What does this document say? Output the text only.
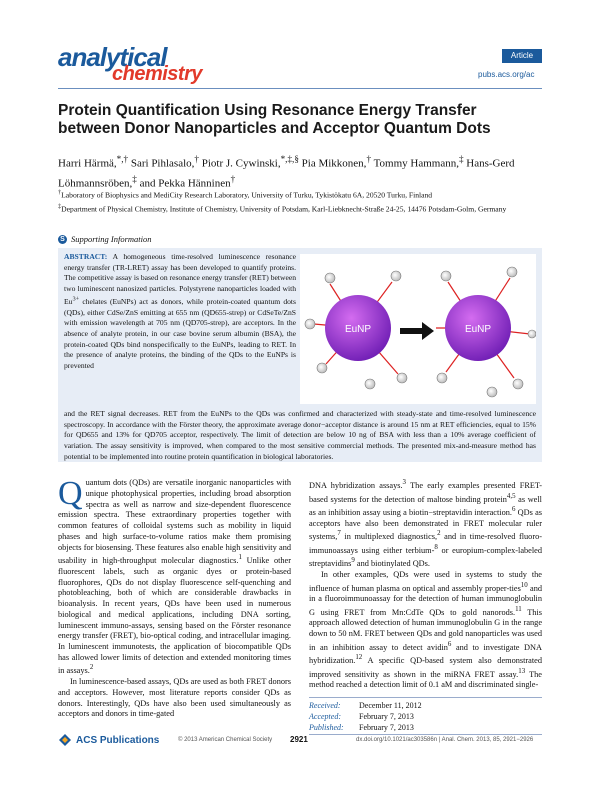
analytical
chemistry
Article
pubs.acs.org/ac
Protein Quantification Using Resonance Energy Transfer between Donor Nanoparticles and Acceptor Quantum Dots
Harri Härmä,*,† Sari Pihlasalo,† Piotr J. Cywinski,*,‡,§ Pia Mikkonen,† Tommy Hammann,‡ Hans-Gerd Löhmannsröben,‡ and Pekka Hänninen†
†Laboratory of Biophysics and MediCity Research Laboratory, University of Turku, Tykistökatu 6A, 20520 Turku, Finland
‡Department of Physical Chemistry, Institute of Chemistry, University of Potsdam, Karl-Liebknecht-Straße 24-25, 14476 Potsdam-Golm, Germany
S Supporting Information
ABSTRACT: A homogeneous time-resolved luminescence resonance energy transfer (TR-LRET) assay has been developed to quantify proteins. The competitive assay is based on resonance energy transfer (RET) between two luminescent nanosized particles. Polystyrene nanoparticles loaded with $Eu^{3+}$ chelates (EuNPs) act as donors, while protein-coated quantum dots (QDs), either CdSe/ZnS emitting at 655 nm (QD655-strep) or CdSeTe/ZnS with emission wavelength at 705 nm (QD705-strep), are acceptors. In the absence of analyte protein, in our case bovine serum albumin (BSA), the protein-coated QDs bind nonspecifically to the EuNPs, leading to RET. In the presence of analyte proteins, the binding of the QDs to the EuNPs is prevented
and the RET signal decreases. RET from the EuNPs to the QDs was confirmed and characterized with steady-state and time-resolved luminescence spectroscopy. In accordance with the Förster theory, the approximate average donor−acceptor distance is around 15 nm at RET efficiencies, equal to 15% for QD655 and 13% for QD705 acceptor, respectively. The limit of detection are below 10 ng of BSA with less than a 10% average coefficient of variation. The assay sensitivity is improved, when compared to the most sensitive commercial methods. The presented mix-and-measure method has potential to be implemented into routine protein quantification in biological laboratories.
EuNP	EuNP

Quantum dots (QDs) are versatile inorganic nanoparticles with unique photophysical properties, including broad absorption spectra as well as narrow and size-dependent fluorescence emission spectra. These extraordinary properties together with common features of colloidal systems such as mobility in liquid phases and high surface-to-volume ratios make them promising objects for biosensing. These features also enable high sensitivity and usability in high-throughput molecular diagnostics.$^1$ Unlike other fluorescent labels, such as organic dyes or protein-based fluorophores, QDs do not display fluorescence self-quenching and photobleaching, both of which are considerable drawbacks in bioanalysis. In recent years, QDs have been used in numerous biological and medical applications, including DNA sorting, luminescent immuno-assays, sensing based on the Förster resonance energy transfer (FRET), bio-optical coding, and intracellular imaging. In luminescent immunotests, the application of biocompatible QDs has allowed lower limits of detection and extended monitoring times in assays.$^2$

In luminescence-based assays, QDs are used as both FRET donors and acceptors. However, most literature reports consider QDs as donors. Interestingly, QDs have also been used simultaneously as acceptors and donors in time-gated

DNA hybridization assays.$^3$ The early examples presented FRET-based systems for the detection of maltose binding protein$^{4,5}$ as well as an inhibition assay using a biotin−streptavidin interaction.$^6$ QDs as acceptors have also been demonstrated in FRET molecular ruler systems,$^7$ in multiplexed diagnostics,$^2$ and in time-resolved fluoro-immunoassays using either terbium-$^8$ or europium-complex-labeled streptavidins$^9$ and biotinylated QDs.

In other examples, QDs were used in systems to study the influence of human plasma on optical and assembly proper-ties$^{10}$ and in a fluoroimmunoassay for the detection of human immunoglobulin G using FRET from Mn:CdTe QDs to gold nanorods.$^{11}$ This approach allowed detection of human immunoglobulin G in the range down to 50 nM. FRET between QDs and gold nanoparticles was used in an inhibition assay to detect avidin$^6$ and to investigate DNA hybridization.$^{12}$ A specific QD-based system also demonstrated improved sensitivity as shown in the miRNA FRET assay.$^{13}$ The method reached a detection limit of 0.1 aM and discriminated single-

Received: December 11, 2012
Accepted: February 7, 2013
Published: February 7, 2013
ACS Publications	© 2013 American Chemical Society 2921	dx.doi.org/10.1021/ac303586n | Anal. Chem. 2013, 85, 2921−2926
